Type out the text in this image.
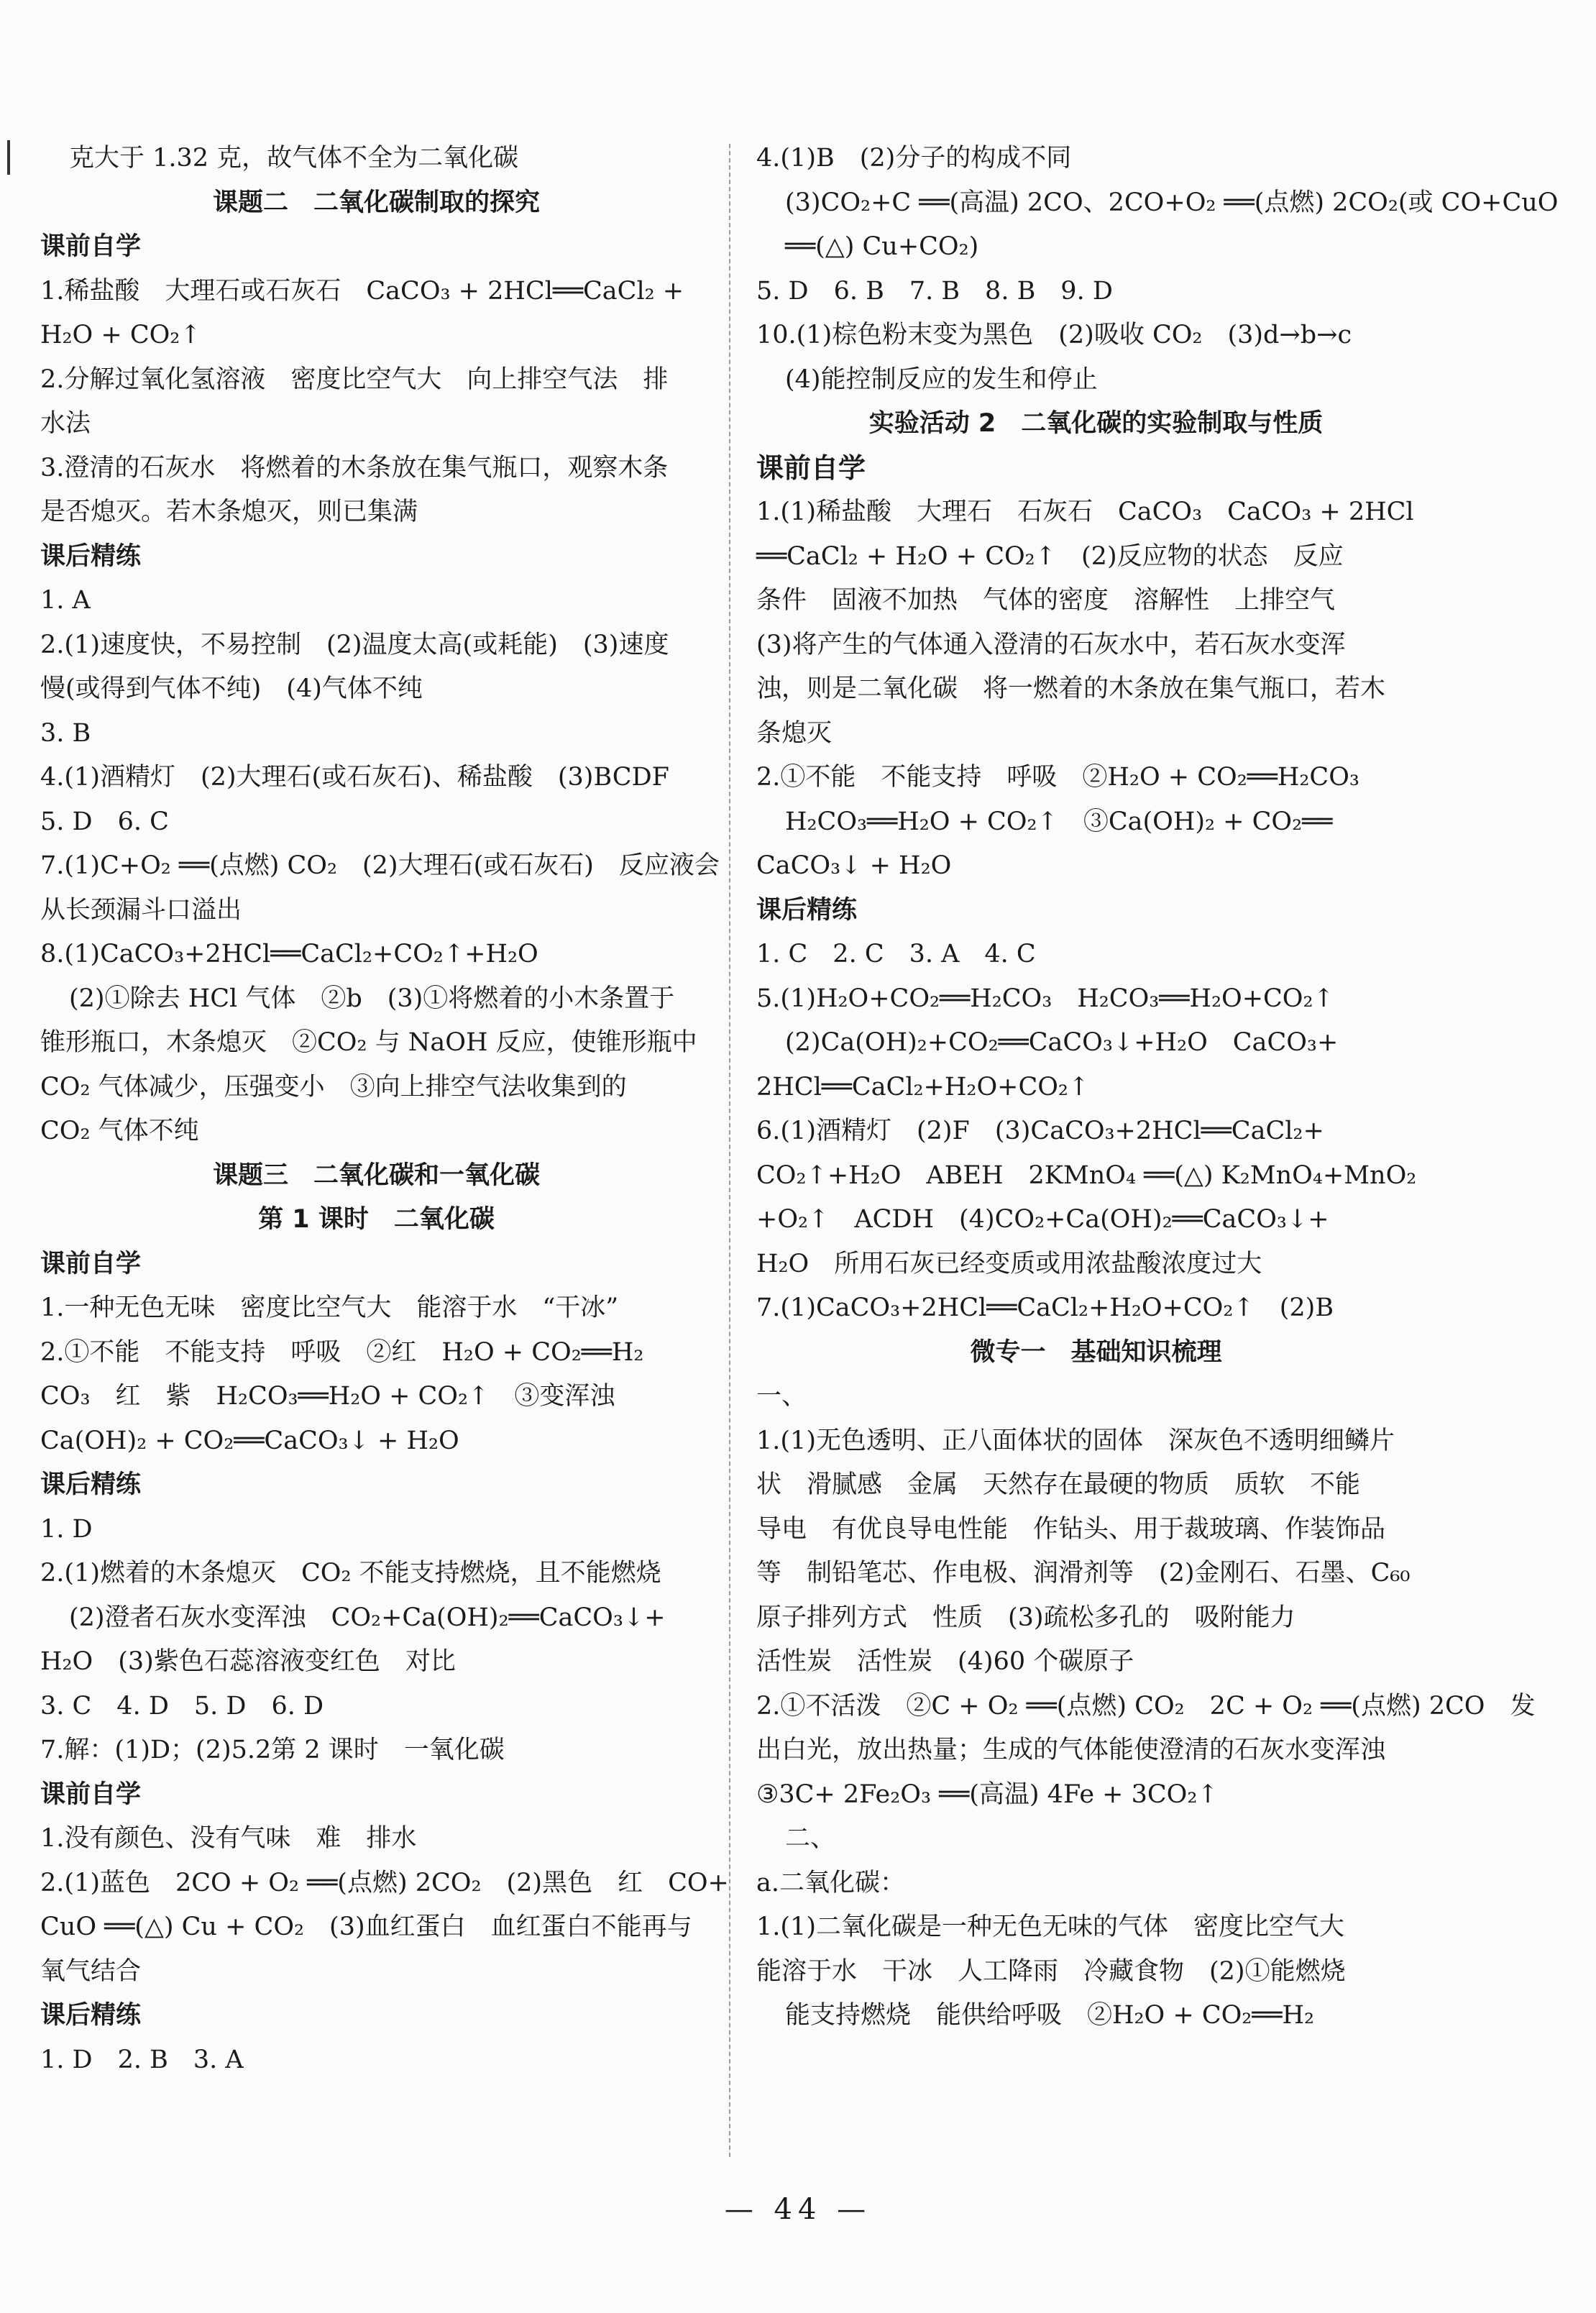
克大于 1.32 克，故气体不全为二氧化碳
课题二　二氧化碳制取的探究
课前自学
1.稀盐酸　大理石或石灰石　CaCO₃ + 2HCl══CaCl₂ +
H₂O + CO₂↑
2.分解过氧化氢溶液　密度比空气大　向上排空气法　排
水法
3.澄清的石灰水　将燃着的木条放在集气瓶口，观察木条
是否熄灭。若木条熄灭，则已集满
课后精练
1. A
2.(1)速度快，不易控制　(2)温度太高(或耗能)　(3)速度
慢(或得到气体不纯)　(4)气体不纯
3. B
4.(1)酒精灯　(2)大理石(或石灰石)、稀盐酸　(3)BCDF
5. D　6. C
7.(1)C+O₂ ══(点燃) CO₂　(2)大理石(或石灰石)　反应液会
从长颈漏斗口溢出
8.(1)CaCO₃+2HCl══CaCl₂+CO₂↑+H₂O
(2)①除去 HCl 气体　②b　(3)①将燃着的小木条置于
锥形瓶口，木条熄灭　②CO₂ 与 NaOH 反应，使锥形瓶中
CO₂ 气体减少，压强变小　③向上排空气法收集到的
CO₂ 气体不纯
课题三　二氧化碳和一氧化碳
第 1 课时　二氧化碳
课前自学
1.一种无色无味　密度比空气大　能溶于水　“干冰”
2.①不能　不能支持　呼吸　②红　H₂O + CO₂══H₂
CO₃　红　紫　H₂CO₃══H₂O + CO₂↑　③变浑浊
Ca(OH)₂ + CO₂══CaCO₃↓ + H₂O
课后精练
1. D
2.(1)燃着的木条熄灭　CO₂ 不能支持燃烧，且不能燃烧
(2)澄者石灰水变浑浊　CO₂+Ca(OH)₂══CaCO₃↓+
H₂O　(3)紫色石蕊溶液变红色　对比
3. C　4. D　5. D　6. D
7.解：(1)D；(2)5.2第 2 课时　一氧化碳
课前自学
1.没有颜色、没有气味　难　排水
2.(1)蓝色　2CO + O₂ ══(点燃) 2CO₂　(2)黑色　红　CO+
CuO ══(△) Cu + CO₂　(3)血红蛋白　血红蛋白不能再与
氧气结合
课后精练
1. D　2. B　3. A
4.(1)B　(2)分子的构成不同
(3)CO₂+C ══(高温) 2CO、2CO+O₂ ══(点燃) 2CO₂(或 CO+CuO
══(△) Cu+CO₂)
5. D　6. B　7. B　8. B　9. D
10.(1)棕色粉末变为黑色　(2)吸收 CO₂　(3)d→b→c
(4)能控制反应的发生和停止
实验活动 2　二氧化碳的实验制取与性质
课前自学
1.(1)稀盐酸　大理石　石灰石　CaCO₃　CaCO₃ + 2HCl
══CaCl₂ + H₂O + CO₂↑　(2)反应物的状态　反应
条件　固液不加热　气体的密度　溶解性　上排空气
(3)将产生的气体通入澄清的石灰水中，若石灰水变浑
浊，则是二氧化碳　将一燃着的木条放在集气瓶口，若木
条熄灭
2.①不能　不能支持　呼吸　②H₂O + CO₂══H₂CO₃
H₂CO₃══H₂O + CO₂↑　③Ca(OH)₂ + CO₂══
CaCO₃↓ + H₂O
课后精练
1. C　2. C　3. A　4. C
5.(1)H₂O+CO₂══H₂CO₃　H₂CO₃══H₂O+CO₂↑
(2)Ca(OH)₂+CO₂══CaCO₃↓+H₂O　CaCO₃+
2HCl══CaCl₂+H₂O+CO₂↑
6.(1)酒精灯　(2)F　(3)CaCO₃+2HCl══CaCl₂+
CO₂↑+H₂O　ABEH　2KMnO₄ ══(△) K₂MnO₄+MnO₂
+O₂↑　ACDH　(4)CO₂+Ca(OH)₂══CaCO₃↓+
H₂O　所用石灰已经变质或用浓盐酸浓度过大
7.(1)CaCO₃+2HCl══CaCl₂+H₂O+CO₂↑　(2)B
微专一　基础知识梳理
一、
1.(1)无色透明、正八面体状的固体　深灰色不透明细鳞片
状　滑腻感　金属　天然存在最硬的物质　质软　不能
导电　有优良导电性能　作钻头、用于裁玻璃、作装饰品
等　制铅笔芯、作电极、润滑剂等　(2)金刚石、石墨、C₆₀
原子排列方式　性质　(3)疏松多孔的　吸附能力
活性炭　活性炭　(4)60 个碳原子
2.①不活泼　②C + O₂ ══(点燃) CO₂　2C + O₂ ══(点燃) 2CO　发
出白光，放出热量；生成的气体能使澄清的石灰水变浑浊
③3C+ 2Fe₂O₃ ══(高温) 4Fe + 3CO₂↑
二、
a.二氧化碳：
1.(1)二氧化碳是一种无色无味的气体　密度比空气大
能溶于水　干冰　人工降雨　冷藏食物　(2)①能燃烧
能支持燃烧　能供给呼吸　②H₂O + CO₂══H₂
— 44 —
